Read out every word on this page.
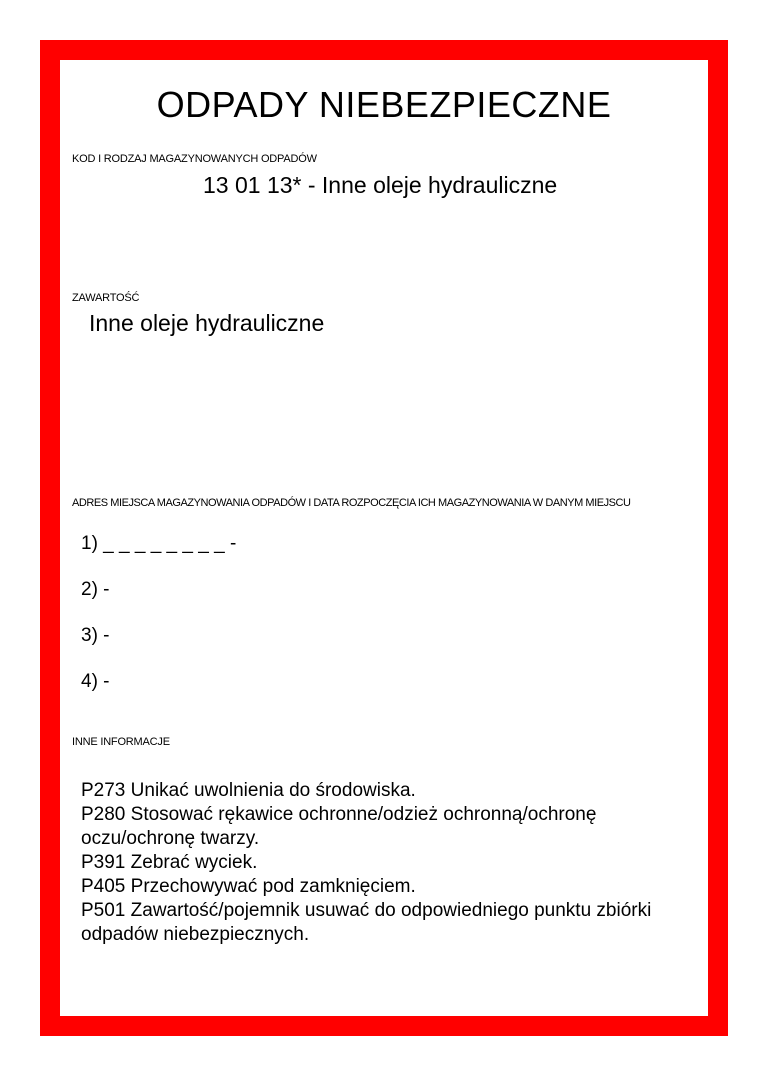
ODPADY NIEBEZPIECZNE
KOD I RODZAJ MAGAZYNOWANYCH ODPADÓW
13 01 13* - Inne oleje hydrauliczne
ZAWARTOŚĆ
Inne oleje hydrauliczne
ADRES MIEJSCA MAGAZYNOWANIA ODPADÓW I DATA ROZPOCZĘCIA ICH MAGAZYNOWANIA W DANYM MIEJSCU
1) _ _ _ _ _ _ _ _ -
2) -
3) -
4) -
INNE INFORMACJE
P273 Unikać uwolnienia do środowiska.
P280 Stosować rękawice ochronne/odzież ochronną/ochronę oczu/ochronę twarzy.
P391 Zebrać wyciek.
P405 Przechowywać pod zamknięciem.
P501 Zawartość/pojemnik usuwać do odpowiedniego punktu zbiórki odpadów niebezpiecznych.
